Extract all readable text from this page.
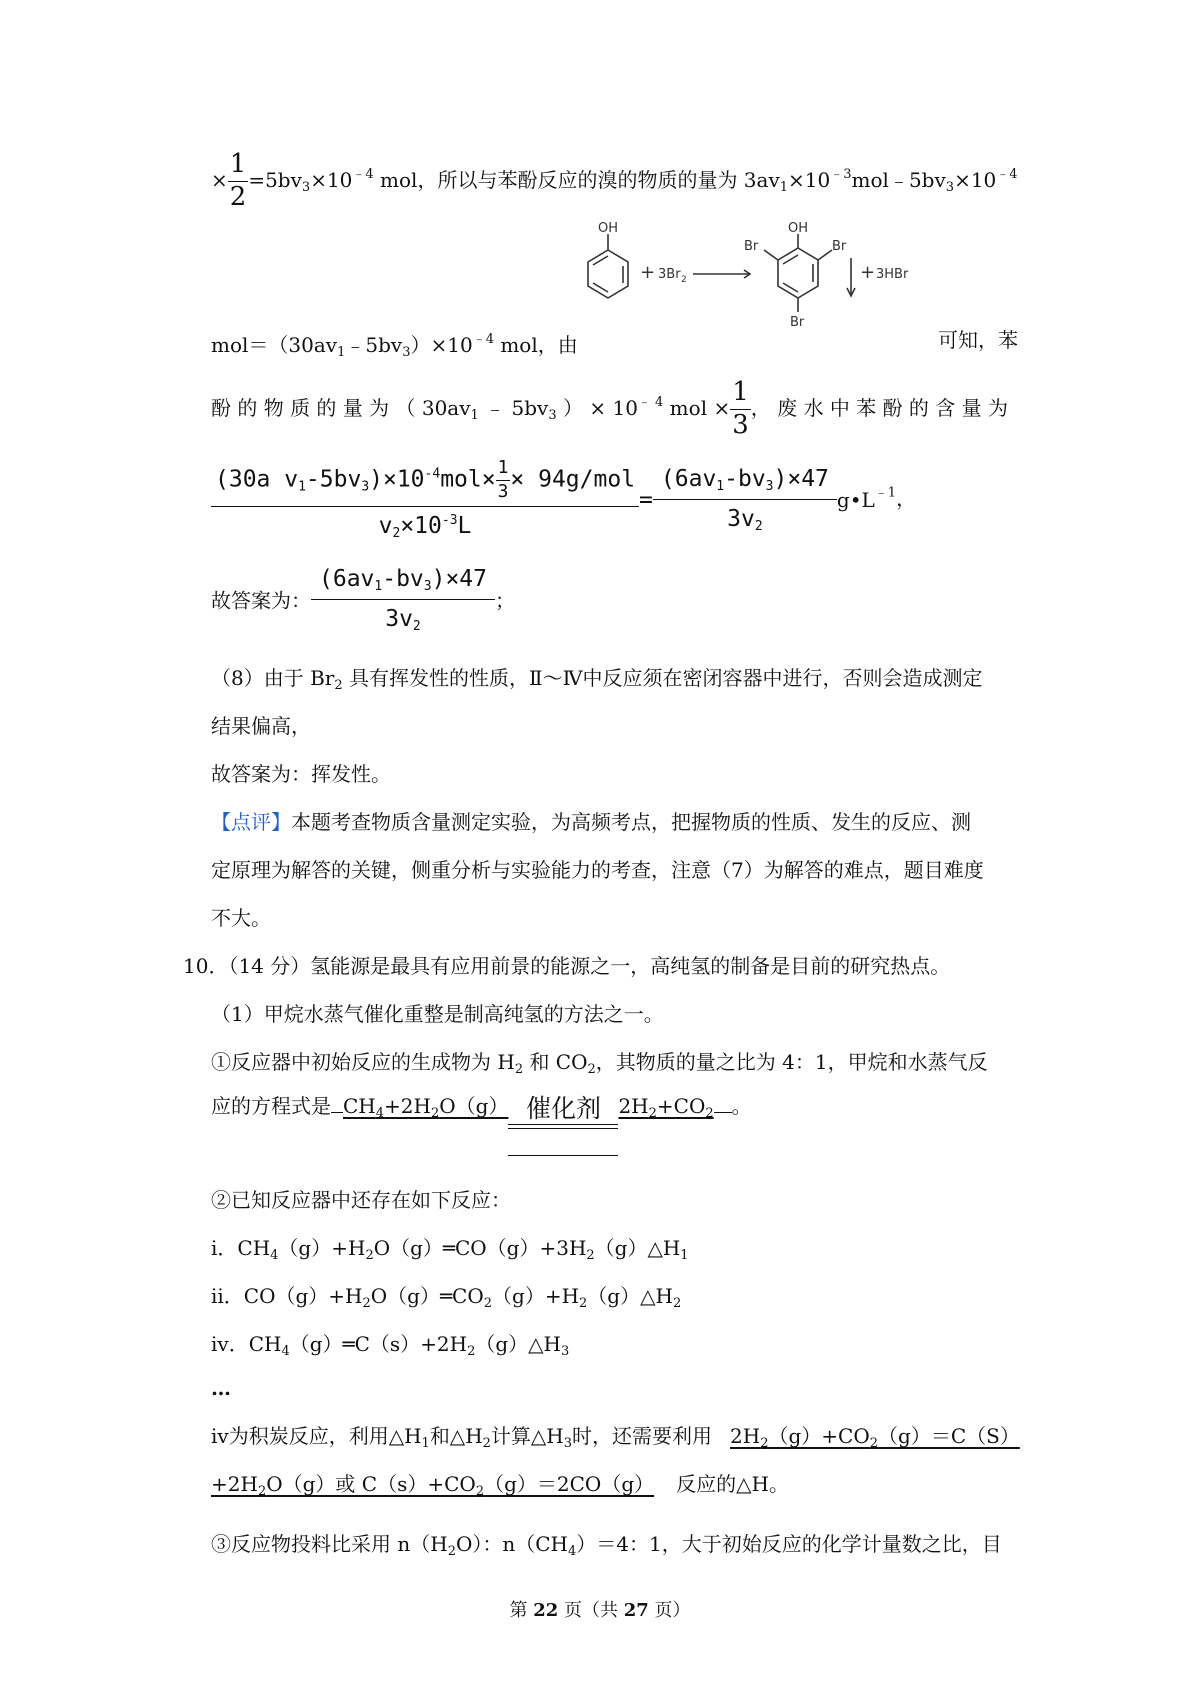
× $\frac{1}{2} =5bv_3\times 10^{﹣4}$ mol，所以与苯酚反应的溴的物质的量为 $3av_1\times 10^{﹣3}mol﹣5bv_3\times 10^{﹣4}$
OH
+ 3Br 2
OH
Br	Br
Br
+ 3HBr
$mol=(30av_1﹣5bv_3)\times 10^{﹣4}$ mol，由	可知，苯
酚 的 物 质 的 量 为 （ $30av_1$ ﹣ $5bv_3$ ） × $10^{﹣ 4}$ mol × $\frac{1}{3}$ ， 废 水 中 苯 酚 的 含 量 为
(30a $v_1-5bv_3)\times 10^{-4}mol\times \frac{1}{3} \times 94g/mol$
$v_2\times 10^{-3}L$
= $\frac{(6av_1-bv_3)\times 47}{3v_2}$ $g•L^{﹣1}$，
故答案为： $\frac{(6av_1-bv_3)\times 47}{3v_2}$ ；
（8）由于 $Br_2$ 具有挥发性的性质，Ⅱ～Ⅳ中反应须在密闭容器中进行，否则会造成测定
结果偏高，
故答案为：挥发性。
【点评】本题考查物质含量测定实验，为高频考点，把握物质的性质、发生的反应、测
定原理为解答的关键，侧重分析与实验能力的考查，注意（7）为解答的难点，题目难度
不大。
10．（14 分）氢能源是最具有应用前景的能源之一，高纯氢的制备是目前的研究热点。
（1）甲烷水蒸气催化重整是制高纯氢的方法之一。
①反应器中初始反应的生成物为 $H_2$ 和 $CO_2$，其物质的量之比为 4：1，甲烷和水蒸气反
应的方程式是 $CH_4+2H_2O(g)$ 催化剂 $2H_2+CO_2$ 。
②已知反应器中还存在如下反应：
ⅰ．$CH_4(g)+H_2O(g)═CO(g)+3H_2(g)\triangle H_1$
ⅱ．$CO(g)+H_2O(g)═CO_2(g)+H_2(g)\triangle H_2$
ⅳ．$CH_4(g)═C(s)+2H_2(g)\triangle H_3$
…
ⅳ为积炭反应，利用$\triangle H_1$和$\triangle H_2$计算$\triangle H_3$时，还需要利用 $2H_2(g)+CO_2(g)=C(S)$
$+2H_2O(g)$或 $C(s)+CO_2(g)=2CO(g)$ 反应的△H。
③反应物投料比采用 $n(H_2O)$：$n(CH_4)=4$：1，大于初始反应的化学计量数之比，目
第 22 页（共 27 页）
